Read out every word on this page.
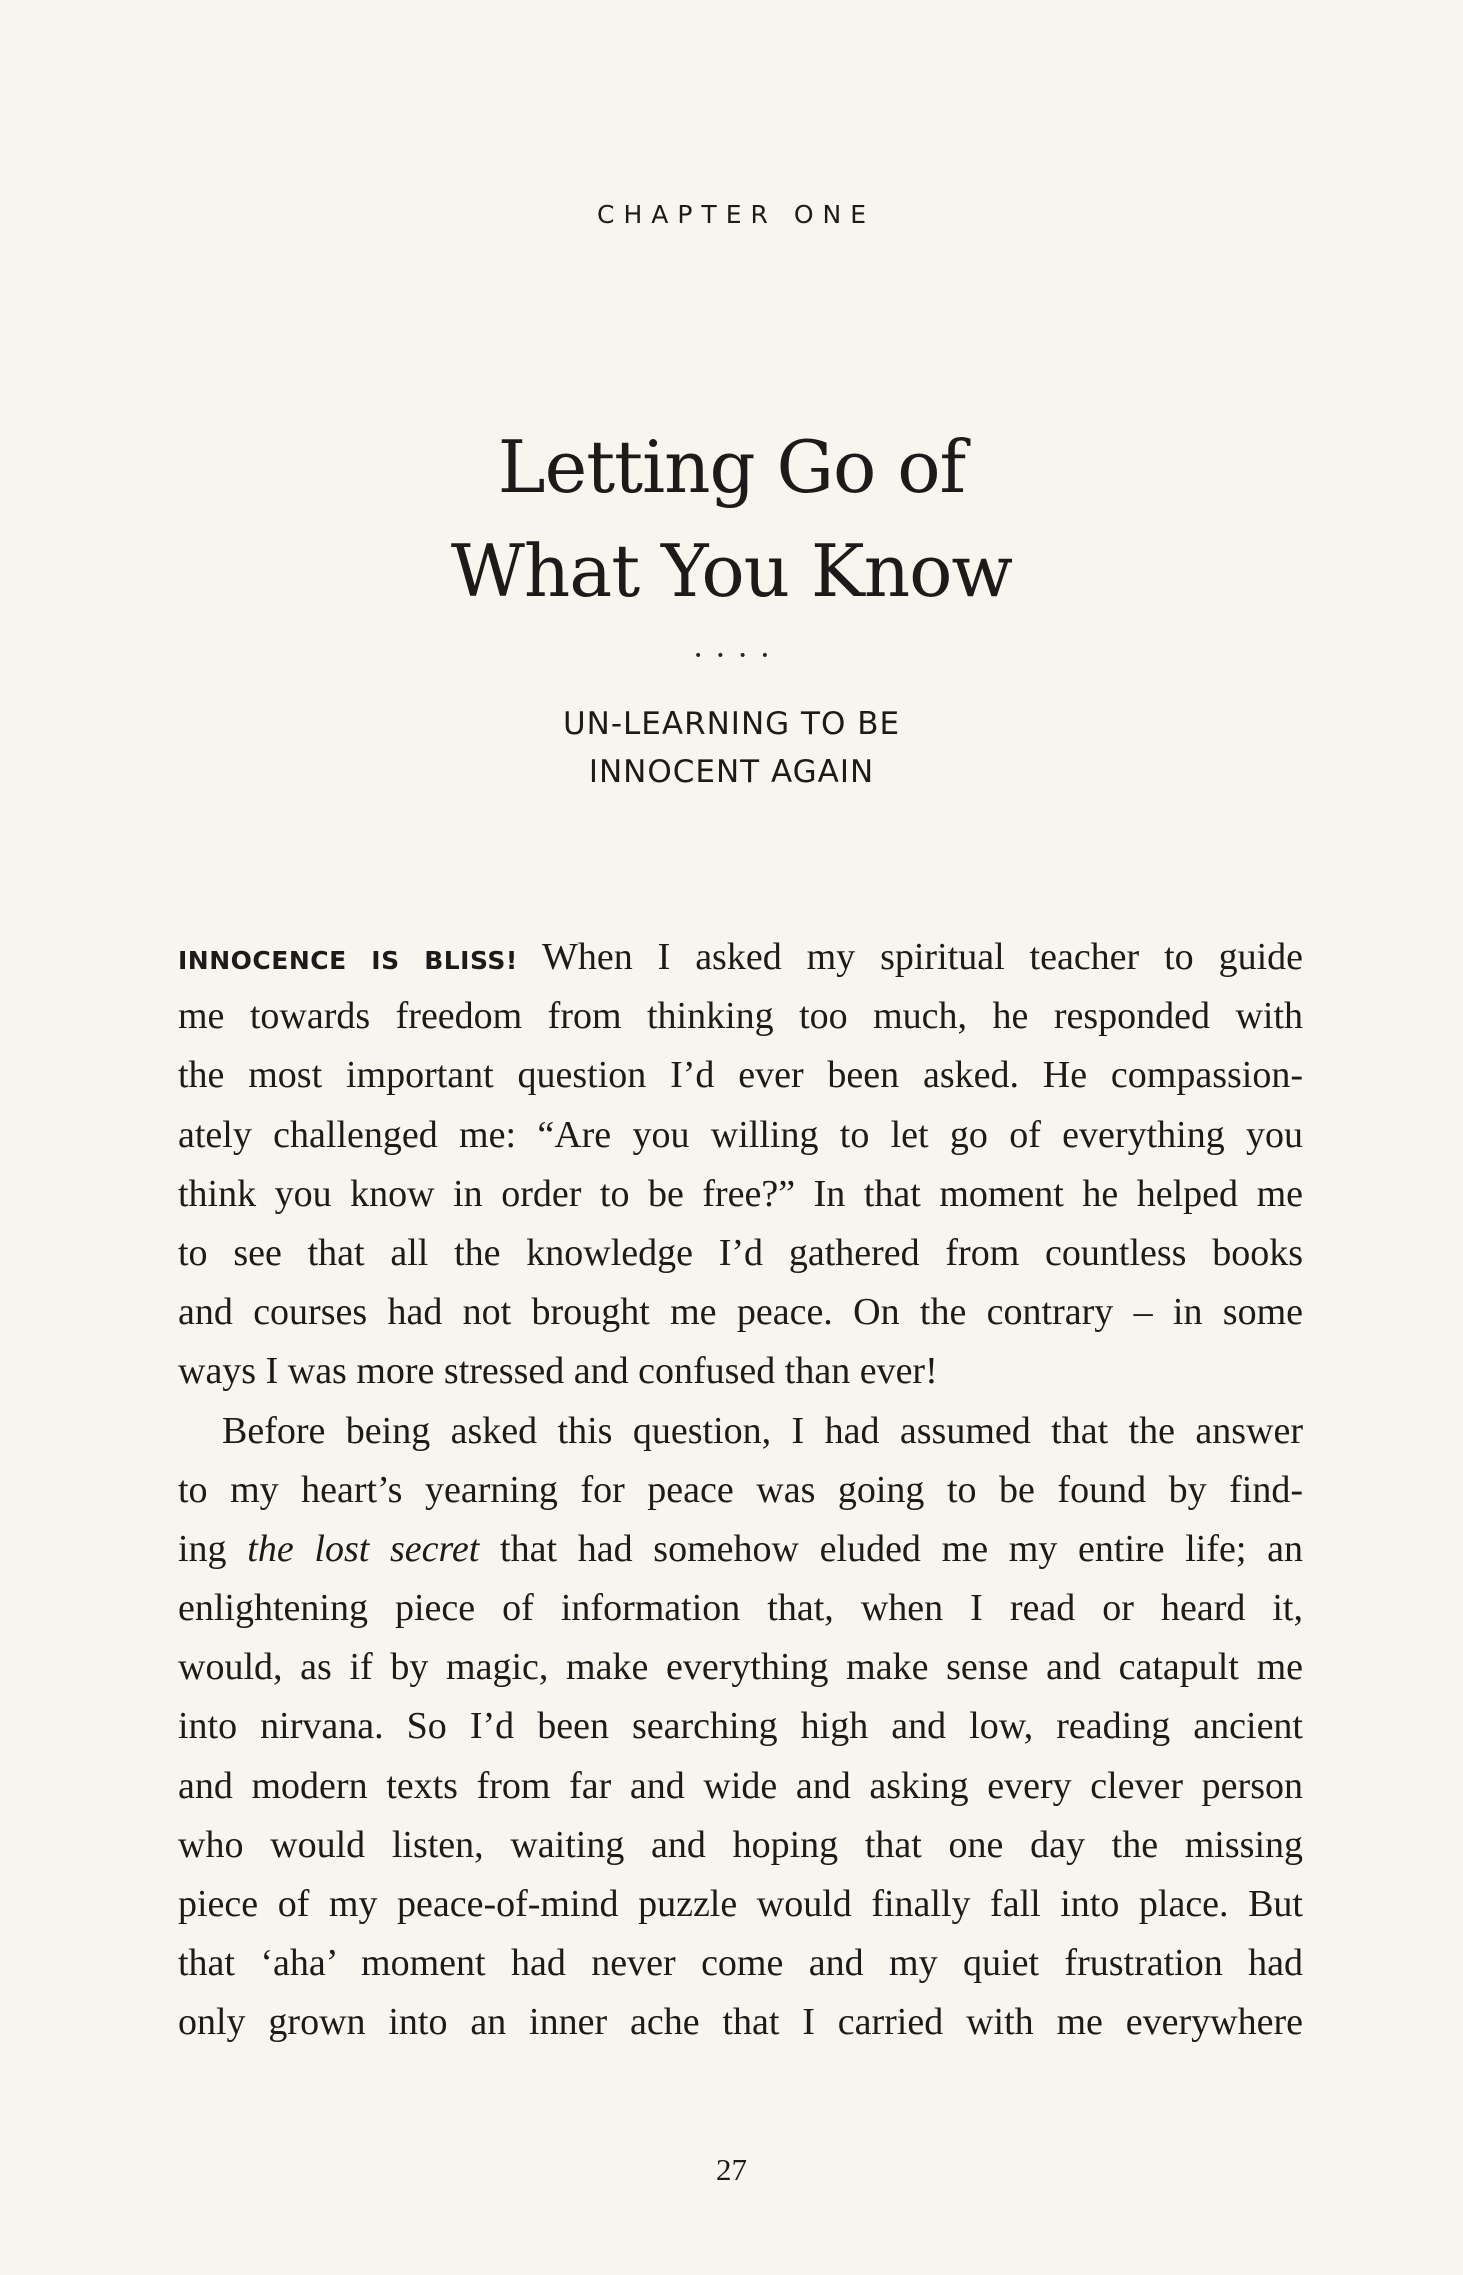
CHAPTER ONE
Letting Go of
What You Know
••••
UN-LEARNING TO BE
INNOCENT AGAIN
INNOCENCE IS BLISS! When I asked my spiritual teacher to guide
me towards freedom from thinking too much, he responded with
the most important question I’d ever been asked. He compassion-
ately challenged me: “Are you willing to let go of everything you
think you know in order to be free?” In that moment he helped me
to see that all the knowledge I’d gathered from countless books
and courses had not brought me peace. On the contrary – in some
ways I was more stressed and confused than ever!
Before being asked this question, I had assumed that the answer
to my heart’s yearning for peace was going to be found by find-
ing the lost secret that had somehow eluded me my entire life; an
enlightening piece of information that, when I read or heard it,
would, as if by magic, make everything make sense and catapult me
into nirvana. So I’d been searching high and low, reading ancient
and modern texts from far and wide and asking every clever person
who would listen, waiting and hoping that one day the missing
piece of my peace-of-mind puzzle would finally fall into place. But
that ‘aha’ moment had never come and my quiet frustration had
only grown into an inner ache that I carried with me everywhere
27
